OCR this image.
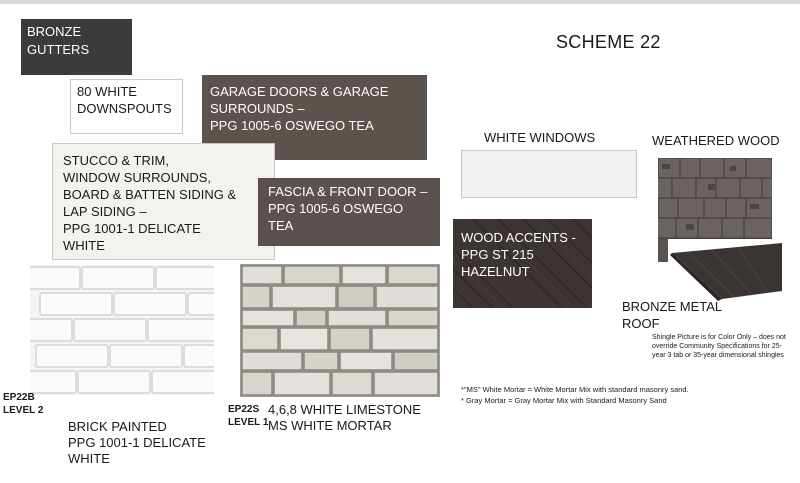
SCHEME 22
BRONZE
GUTTERS
80 WHITE
DOWNSPOUTS
GARAGE DOORS & GARAGE
SURROUNDS –
PPG 1005-6 OSWEGO TEA
STUCCO & TRIM,
WINDOW SURROUNDS,
BOARD & BATTEN SIDING &
LAP SIDING –
PPG 1001-1 DELICATE
WHITE
FASCIA & FRONT DOOR –
PPG 1005-6 OSWEGO TEA
WHITE WINDOWS	WEATHERED WOOD
WOOD ACCENTS -
PPG ST 215 HAZELNUT
BRONZE METAL
ROOF
Shingle Picture is for Color Only – does not override Community Specifications for 25-year 3 tab or 35-year dimensional shingles
EP22B
LEVEL 2

BRICK PAINTED
PPG 1001-1 DELICATE WHITE

EP22S
LEVEL 1
4,6,8 WHITE LIMESTONE
MS WHITE MORTAR
*"MS" White Mortar = White Mortar Mix with standard masonry sand.
* Gray Mortar = Gray Mortar Mix with Standard Masonry Sand
